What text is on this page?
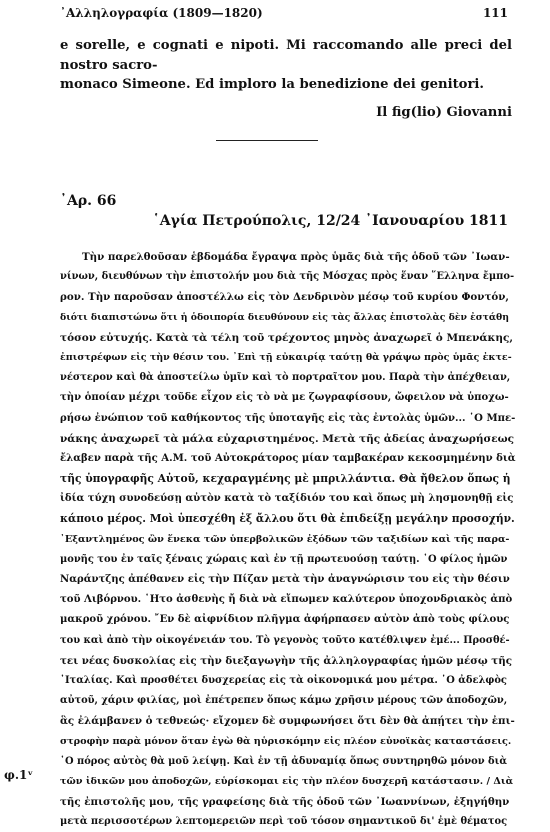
᾿Αλληλογραφία (1809—1820)	111

e sorelle, e cognati e nipoti. Mi raccomando alle preci del nostro sacro-

monaco Simeone. Ed imploro la benedizione dei genitori.

Il fig(lio) Giovanni

᾿Αρ. 66
῾Αγία Πετρούπολις, 12/24 ᾿Ιανουαρίου 1811
Τὴν παρελθοῦσαν ἑβδομάδα ἔγραψα πρὸς ὑμᾶς διὰ τῆς ὁδοῦ τῶν ᾿Ιωαν-
νίνων, διευθύνων τὴν ἐπιστολήν μου διὰ τῆς Μόσχας πρὸς ἕναν ῞Ελληνα ἔμπο-
ρον. Τὴν παροῦσαν ἀποστέλλω εἰς τὸν Δενδρινὸν μέσῳ τοῦ κυρίου Φοντόν,
διότι διαπιστώνω ὅτι ἡ ὁδοιπορία διευθύνουν εἰς τὰς ἄλλας ἐπιστολὰς δὲν ἐστάθη
τόσον εὐτυχής. Κατὰ τὰ τέλη τοῦ τρέχοντος μηνὸς ἀναχωρεῖ ὁ Μπενάκης,
ἐπιστρέφων εἰς τὴν θέσιν του. ᾿Επὶ τῇ εὐκαιρίᾳ ταύτῃ θὰ γράψω πρὸς ὑμᾶς ἐκτε-
νέστερον καὶ θὰ ἀποστείλω ὑμῖν καὶ τὸ πορτραῖτον μου. Παρὰ τὴν ἀπέχθειαν,
τὴν ὁποίαν μέχρι τοῦδε εἶχον εἰς τὸ νὰ με ζωγραφίσουν, ὤφειλον νὰ ὑποχω-
ρήσω ἐνώπιον τοῦ καθήκοντος τῆς ὑποταγῆς εἰς τὰς ἐντολὰς ὑμῶν... ῾Ο Μπε-
νάκης ἀναχωρεῖ τὰ μάλα εὐχαριστημένος. Μετὰ τῆς ἀδείας ἀναχωρήσεως
ἔλαβεν παρὰ τῆς Α.Μ. τοῦ Αὐτοκράτορος μίαν ταμβακέραν κεκοσμημένην διὰ
τῆς ὑπογραφῆς Αὐτοῦ, κεχαραγμένης μὲ μπριλλάντια. Θὰ ἤθελον ὅπως ἡ
ἰδία τύχη συνοδεύσῃ αὐτὸν κατὰ τὸ ταξίδιόν του καὶ ὅπως μὴ λησμονηθῇ εἰς
κάποιο μέρος. Μοὶ ὑπεσχέθη ἐξ ἄλλου ὅτι θὰ ἐπιδείξῃ μεγάλην προσοχήν.
᾿Εξαντλημένος ὢν ἕνεκα τῶν ὑπερβολικῶν ἐξόδων τῶν ταξιδίων καὶ τῆς παρα-
μονῆς του ἐν ταῖς ξέναις χώραις καὶ ἐν τῇ πρωτευούσῃ ταύτῃ. ῾Ο φίλος ἡμῶν
Ναράντζης ἀπέθανεν εἰς τὴν Πίζαν μετὰ τὴν ἀναγνώρισιν του εἰς τὴν θέσιν
τοῦ Λιβόρνου. ῾Ητο ἀσθενὴς ἤ διὰ νὰ εἴπωμεν καλύτερον ὑποχονδριακὸς ἀπὸ
μακροῦ χρόνου. ῎Εν δὲ αἰφνίδιον πλῆγμα ἀφήρπασεν αὐτὸν ἀπὸ τοὺς φίλους
του καὶ ἀπὸ τὴν οἰκογένειάν του. Τὸ γεγονὸς τοῦτο κατέθλιψεν ἐμέ... Προσθέ-
τει νέας δυσκολίας εἰς τὴν διεξαγωγὴν τῆς ἀλληλογραφίας ἡμῶν μέσῳ τῆς
᾿Ιταλίας. Καὶ προσθέτει δυσχερείας εἰς τὰ οἰκονομικά μου μέτρα. ῾Ο ἀδελφὸς
αὐτοῦ, χάριν φιλίας, μοὶ ἐπέτρεπεν ὅπως κάμω χρῆσιν μέρους τῶν ἀποδοχῶν,
ἃς ἐλάμβανεν ὁ τεθνεώς· εἴχομεν δὲ συμφωνήσει ὅτι δὲν θὰ ἀπῄτει τὴν ἐπι-
στροφὴν παρὰ μόνον ὅταν ἐγὼ θὰ ηὑρισκόμην εἰς πλέον εὐνοϊκὰς καταστάσεις.
῾Ο πόρος αὐτὸς θὰ μοῦ λείψῃ. Καὶ ἐν τῇ ἀδυναμίᾳ ὅπως συντηρηθῶ μόνον διὰ
τῶν ἰδικῶν μου ἀποδοχῶν, εὑρίσκομαι εἰς τὴν πλέον δυσχερῆ κατάστασιν. / Διὰ
τῆς ἐπιστολῆς μου, τῆς γραφείσης διὰ τῆς ὁδοῦ τῶν ᾿Ιωαννίνων, ἐξηγήθην
μετὰ περισσοτέρων λεπτομερειῶν περὶ τοῦ τόσον σημαντικοῦ δι' ἐμὲ θέματος
φ.1ᵛ
